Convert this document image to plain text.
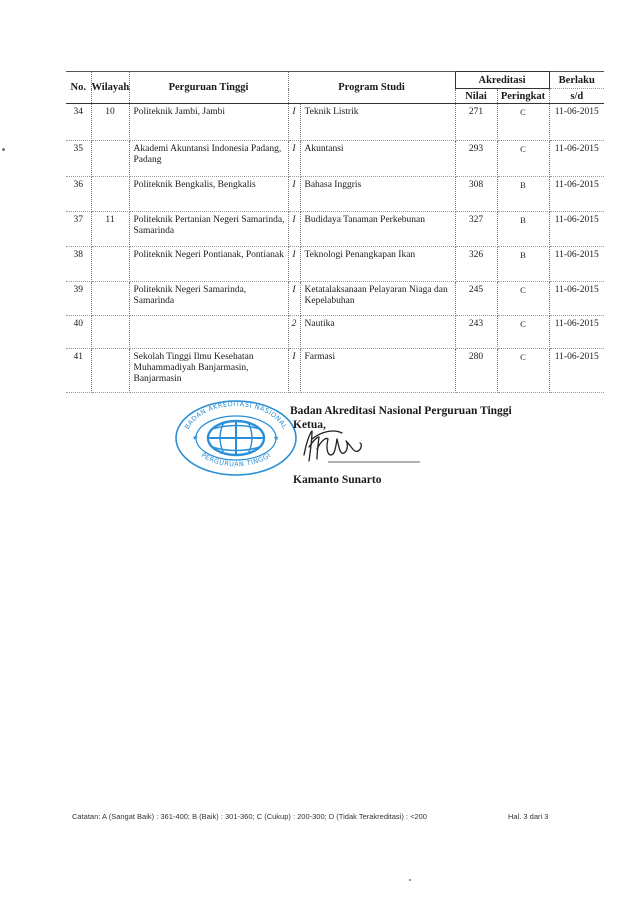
No.	Wilayah	Perguruan Tinggi	Program Studi		Akreditasi		Berlaku
					Nilai	Peringkat	s/d
34	10	Politeknik Jambi, Jambi	I	Teknik Listrik	271	C	11-06-2015
35		Akademi Akuntansi Indonesia Padang, Padang	I	Akuntansi	293	C	11-06-2015
36		Politeknik Bengkalis, Bengkalis	I	Bahasa Inggris	308	B	11-06-2015
37	11	Politeknik Pertanian Negeri Samarinda, Samarinda	I	Budidaya Tanaman Perkebunan	327	B	11-06-2015
38		Politeknik Negeri Pontianak, Pontianak	I	Teknologi Penangkapan Ikan	326	B	11-06-2015
39		Politeknik Negeri Samarinda, Samarinda	I	Ketatalaksanaan Pelayaran Niaga dan Kepelabuhan	245	C	11-06-2015
40			2	Nautika	243	C	11-06-2015
41		Sekolah Tinggi Ilmu Kesehatan Muhammadiyah Banjarmasin, Banjarmasin	I	Farmasi	280	C	11-06-2015
BADAN AKREDITASI NASIONAL
PERGURUAN TINGGI
★	★
Badan Akreditasi Nasional Perguruan Tinggi
Ketua,
Kamanto Sunarto
Catatan: A (Sangat Baik) : 361-400; B (Baik) : 301-360; C (Cukup) : 200-300; D (Tidak Terakreditasi) : <200	Hal. 3 dari 3
